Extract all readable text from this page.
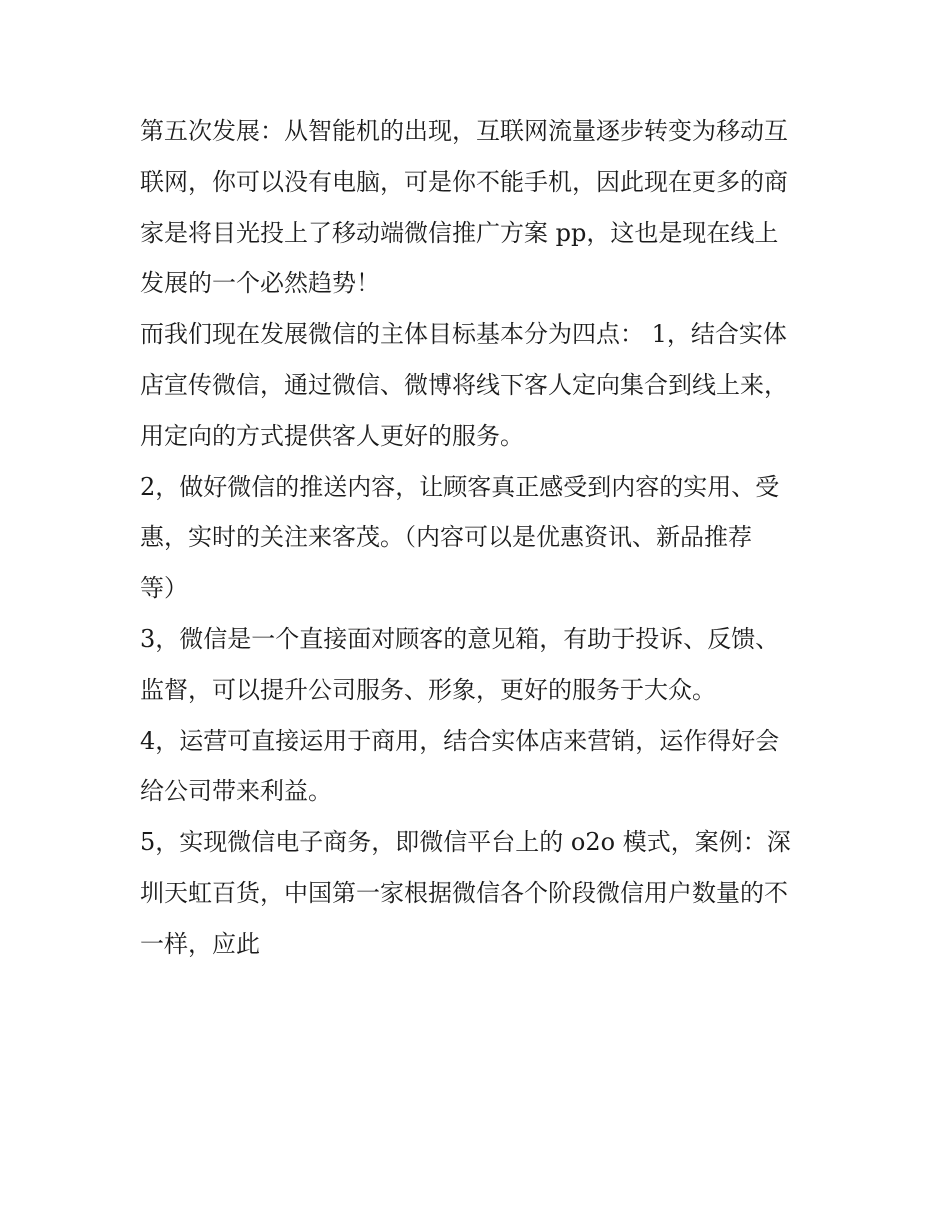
第五次发展：从智能机的出现，互联网流量逐步转变为移动互
联网，你可以没有电脑，可是你不能手机，因此现在更多的商
家是将目光投上了移动端微信推广方案 pp，这也是现在线上
发展的一个必然趋势！
而我们现在发展微信的主体目标基本分为四点： 1，结合实体
店宣传微信，通过微信、微博将线下客人定向集合到线上来，
用定向的方式提供客人更好的服务。
2，做好微信的推送内容，让顾客真正感受到内容的实用、受
惠，实时的关注来客茂。（内容可以是优惠资讯、新品推荐
等）
3，微信是一个直接面对顾客的意见箱，有助于投诉、反馈、
监督，可以提升公司服务、形象，更好的服务于大众。
4，运营可直接运用于商用，结合实体店来营销，运作得好会
给公司带来利益。
5，实现微信电子商务，即微信平台上的 o2o 模式，案例：深
圳天虹百货，中国第一家根据微信各个阶段微信用户数量的不
一样，应此
